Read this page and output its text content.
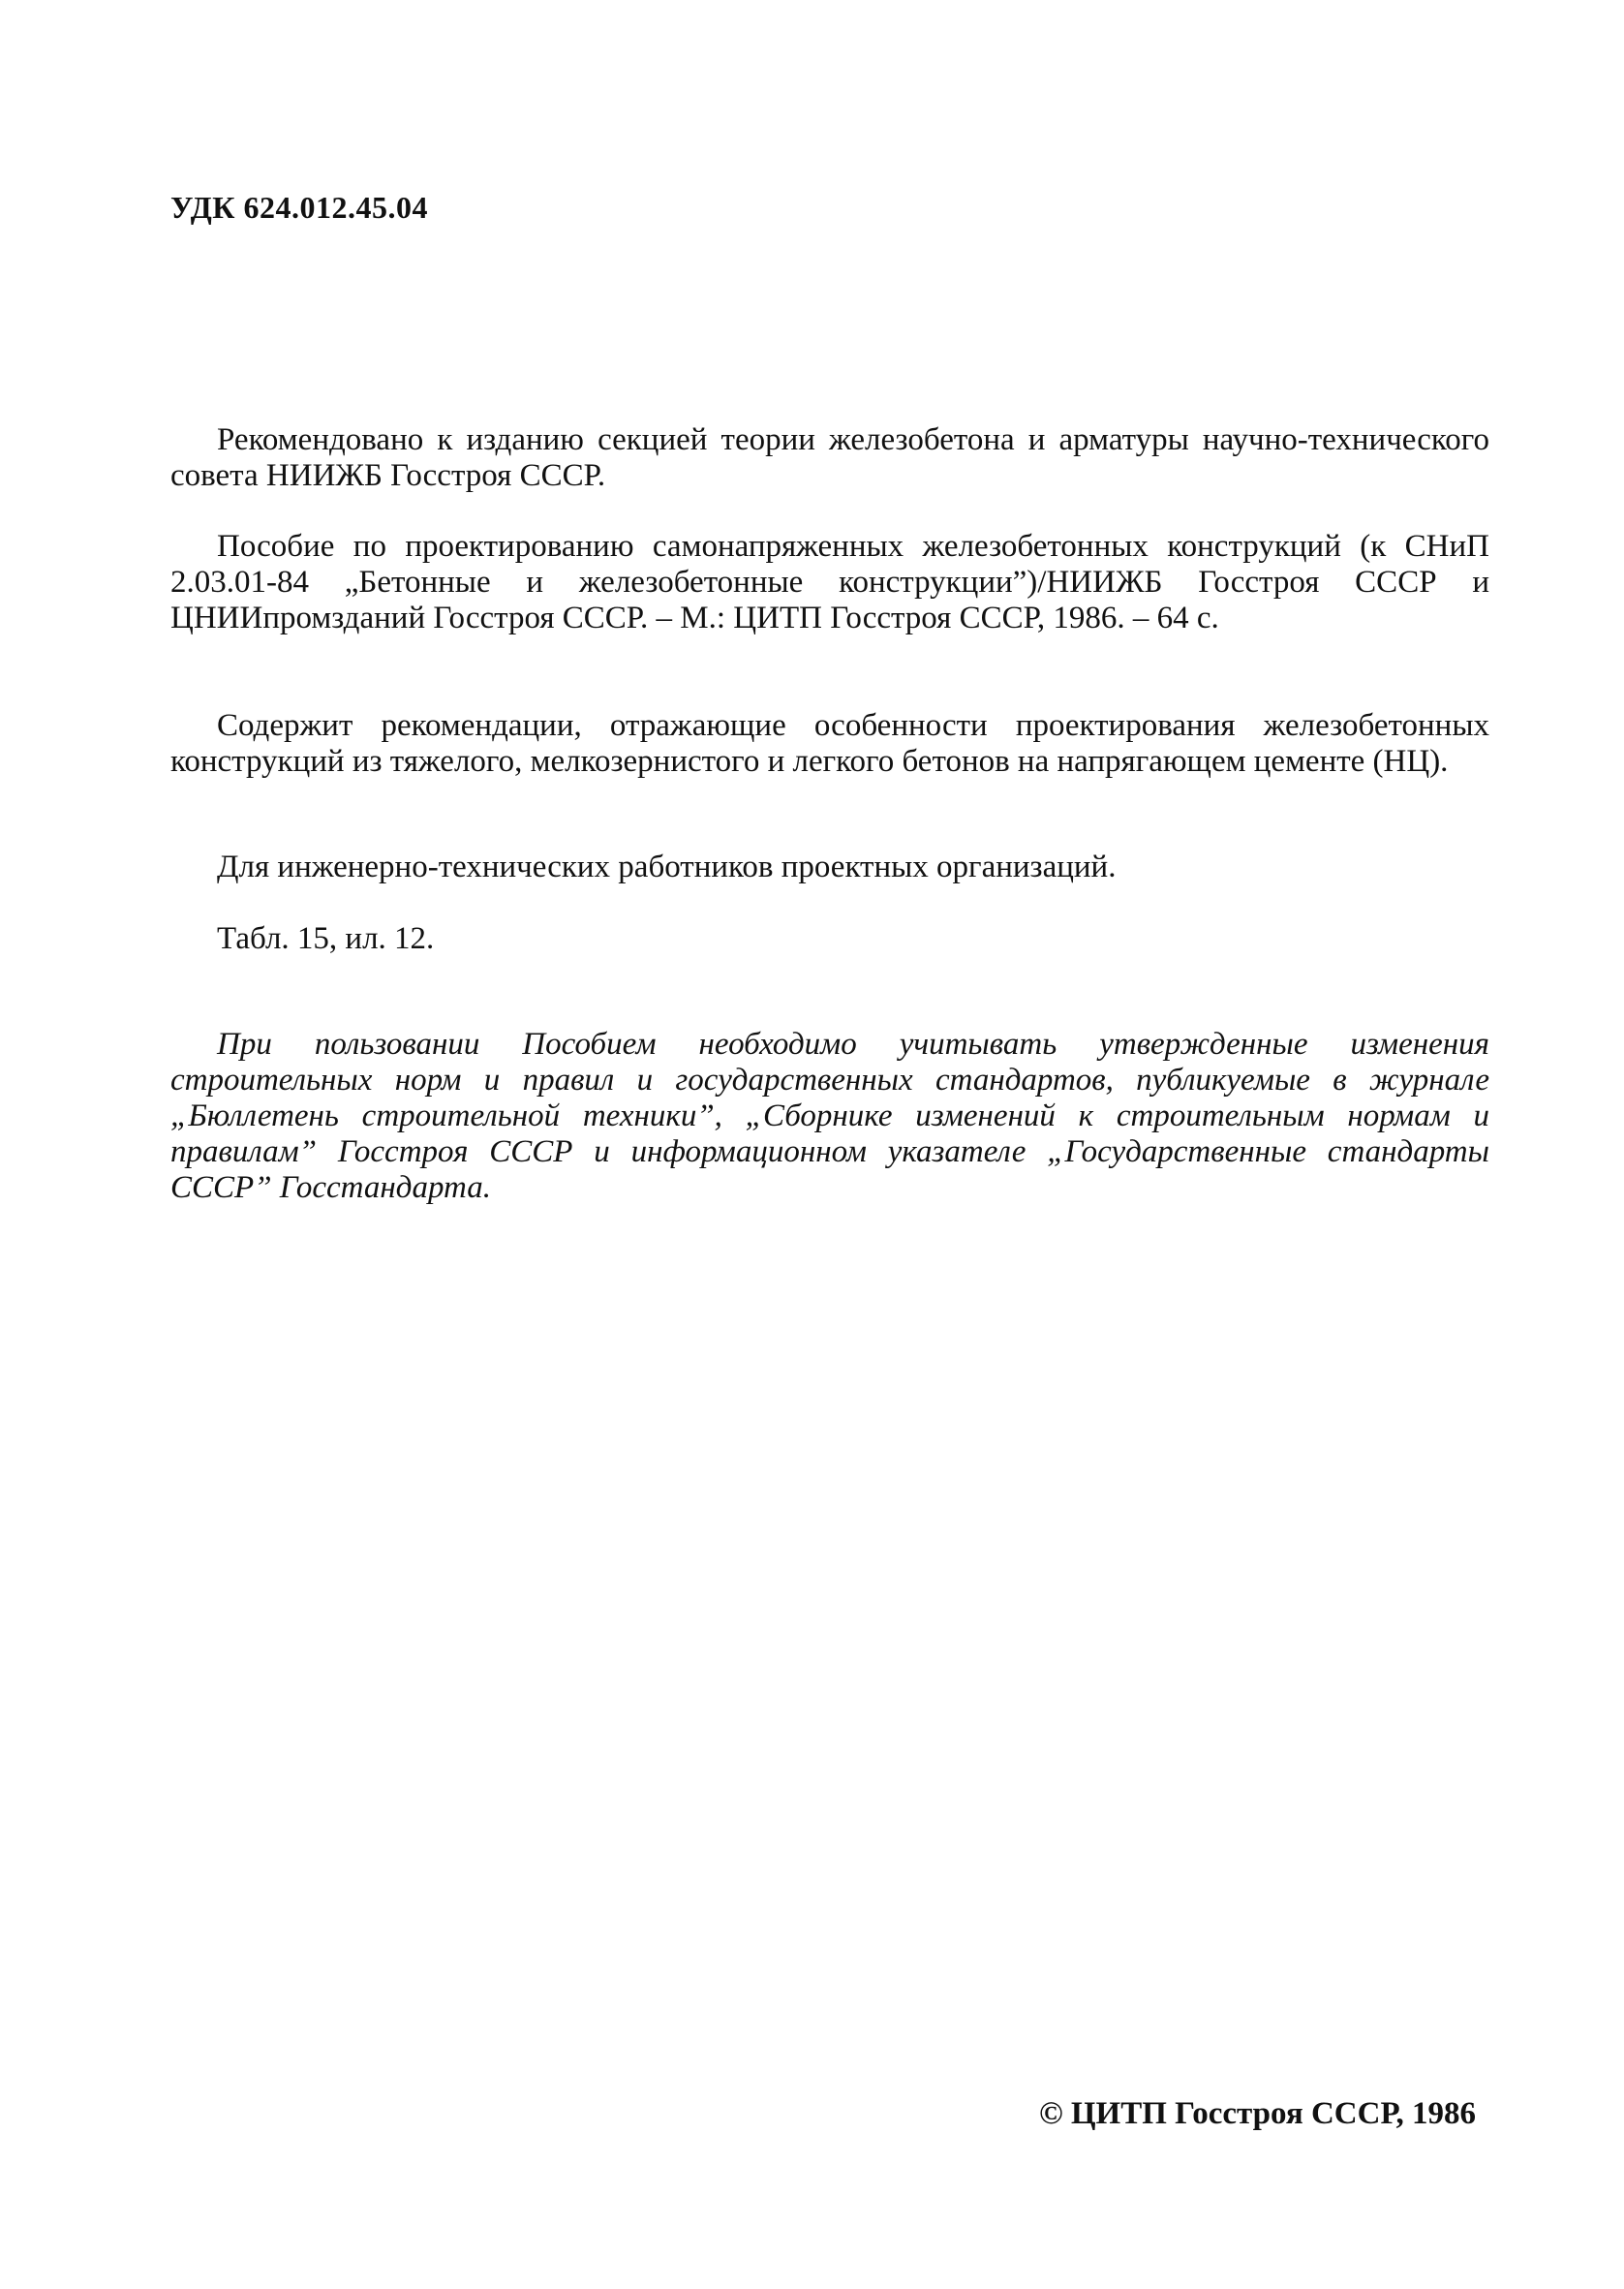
УДК 624.012.45.04

Рекомендовано к изданию секцией теории железобетона и арматуры научно-технического совета НИИЖБ Госстроя СССР.

Пособие по проектированию самонапряженных железобетонных конструкций (к СНиП 2.03.01-84 „Бетонные и железобетонные конструкции”)/НИИЖБ Госстроя СССР и ЦНИИпромзданий Госстроя СССР. – М.: ЦИТП Госстроя СССР, 1986. – 64 с.

Содержит рекомендации, отражающие особенности проектирования железобетонных конструкций из тяжелого, мелкозернистого и легкого бетонов на напрягающем цементе (НЦ).

Для инженерно-технических работников проектных организаций.

Табл. 15, ил. 12.

При пользовании Пособием необходимо учитывать утвержденные изменения строительных норм и правил и государственных стандартов, публикуемые в журнале „Бюллетень строительной техники”, „Сборнике изменений к строительным нормам и правилам” Госстроя СССР и информационном указателе „Государственные стандарты СССР” Госстандарта.

© ЦИТП Госстроя СССР, 1986
